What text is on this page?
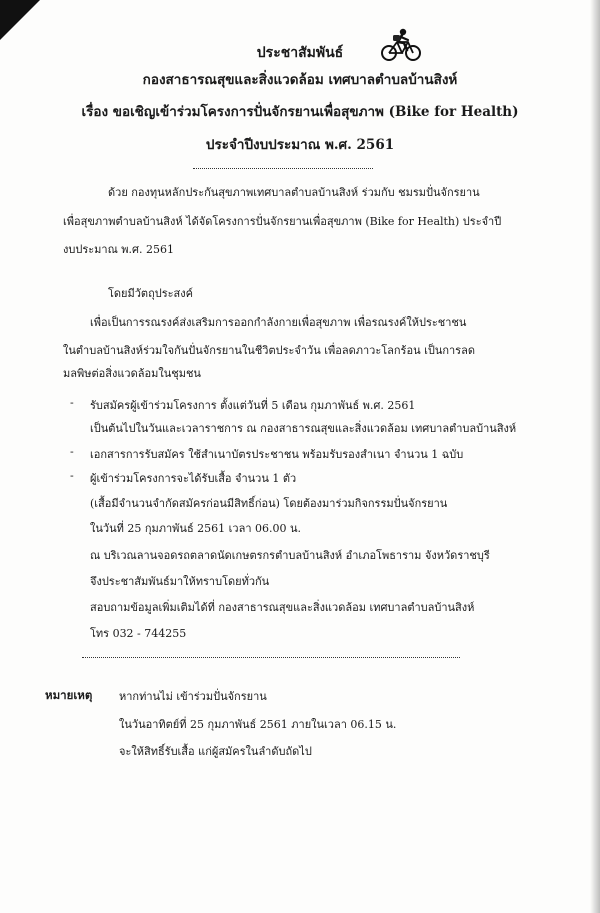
ประชาสัมพันธ์
กองสาธารณสุขและสิ่งแวดล้อม เทศบาลตำบลบ้านสิงห์
เรื่อง ขอเชิญเข้าร่วมโครงการปั่นจักรยานเพื่อสุขภาพ (Bike for Health)
ประจำปีงบประมาณ พ.ศ. 2561
ด้วย กองทุนหลักประกันสุขภาพเทศบาลตำบลบ้านสิงห์ ร่วมกับ ชมรมปั่นจักรยาน
เพื่อสุขภาพตำบลบ้านสิงห์ ได้จัดโครงการปั่นจักรยานเพื่อสุขภาพ (Bike for Health) ประจำปี
งบประมาณ พ.ศ. 2561
โดยมีวัตถุประสงค์
เพื่อเป็นการรณรงค์ส่งเสริมการออกกำลังกายเพื่อสุขภาพ เพื่อรณรงค์ให้ประชาชน
ในตำบลบ้านสิงห์ร่วมใจกันปั่นจักรยานในชีวิตประจำวัน เพื่อลดภาวะโลกร้อน เป็นการลด
มลพิษต่อสิ่งแวดล้อมในชุมชน
- รับสมัครผู้เข้าร่วมโครงการ ตั้งแต่วันที่ 5 เดือน กุมภาพันธ์ พ.ศ. 2561
เป็นต้นไปในวันและเวลาราชการ ณ กองสาธารณสุขและสิ่งแวดล้อม เทศบาลตำบลบ้านสิงห์
- เอกสารการรับสมัคร ใช้สำเนาบัตรประชาชน พร้อมรับรองสำเนา จำนวน 1 ฉบับ
- ผู้เข้าร่วมโครงการจะได้รับเสื้อ จำนวน 1 ตัว
(เสื้อมีจำนวนจำกัดสมัครก่อนมีสิทธิ์ก่อน) โดยต้องมาร่วมกิจกรรมปั่นจักรยาน
ในวันที่ 25 กุมภาพันธ์ 2561 เวลา 06.00 น.
ณ บริเวณลานจอดรถตลาดนัดเกษตรกรตำบลบ้านสิงห์ อำเภอโพธาราม จังหวัดราชบุรี
จึงประชาสัมพันธ์มาให้ทราบโดยทั่วกัน
สอบถามข้อมูลเพิ่มเติมได้ที่ กองสาธารณสุขและสิ่งแวดล้อม เทศบาลตำบลบ้านสิงห์
โทร 032 - 744255
หมายเหตุ หากท่านไม่ เข้าร่วมปั่นจักรยาน
ในวันอาทิตย์ที่ 25 กุมภาพันธ์ 2561 ภายในเวลา 06.15 น.
จะให้สิทธิ์รับเสื้อ แก่ผู้สมัครในลำดับถัดไป
